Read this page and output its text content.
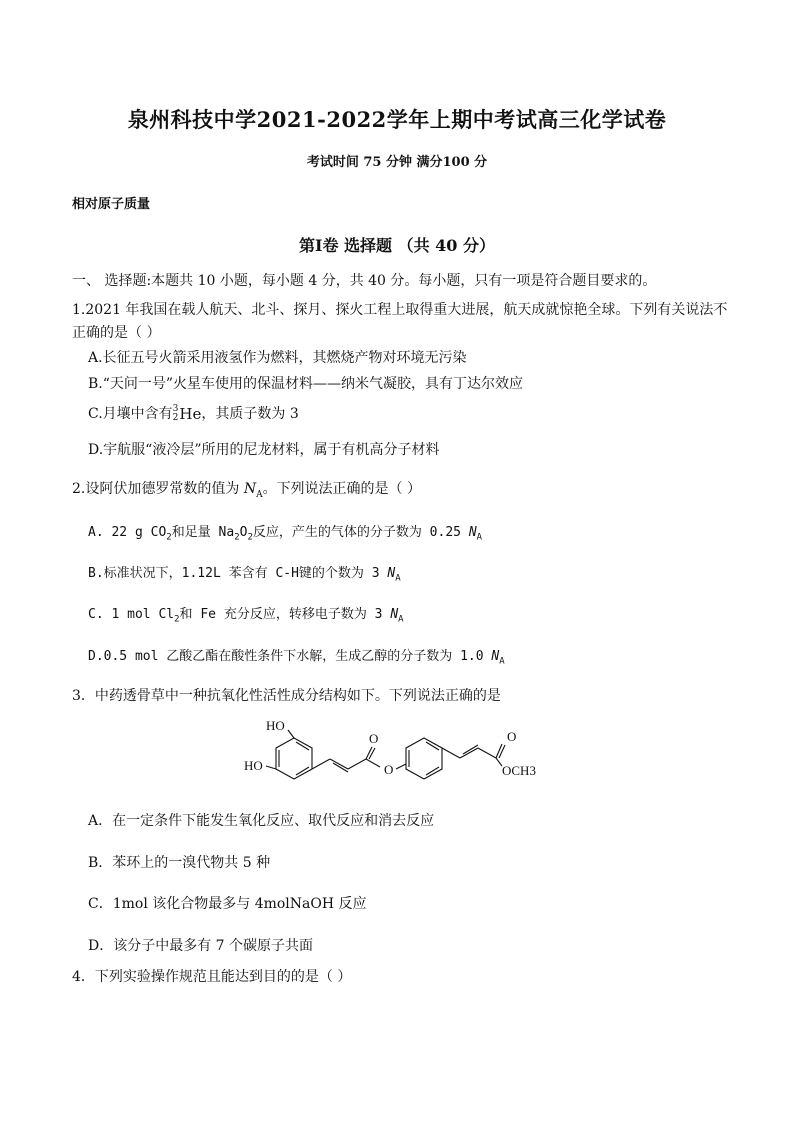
泉州科技中学2021-2022学年上期中考试高三化学试卷
考试时间 75 分钟 满分100 分
相对原子质量
第Ⅰ卷 选择题 （共 40 分）
一、 选择题:本题共 10 小题，每小题 4 分，共 40 分。每小题，只有一项是符合题目要求的。
1.2021 年我国在载人航天、北斗、探月、探火工程上取得重大进展，航天成就惊艳全球。下列有关说法不
正确的是（ ）
A.长征五号火箭采用液氢作为燃料，其燃烧产物对环境无污染
B.“天问一号”火星车使用的保温材料——纳米气凝胶，具有丁达尔效应
C.月壤中含有 3
2 He ，其质子数为 3
D.宇航服“液冷层”所用的尼龙材料，属于有机高分子材料
2.设阿伏加德罗常数的值为 $N_A$。下列说法正确的是（ ）
A. 22 g $CO_2$和足量 $Na_2O_2$反应，产生的气体的分子数为 0.25 $N_A$
B.标准状况下，1.12L 苯含有 C-H键的个数为 3 $N_A$
C. 1 mol $Cl_2$和 Fe 充分反应，转移电子数为 3 $N_A$
D.0.5 mol 乙酸乙酯在酸性条件下水解，生成乙醇的分子数为 1.0 $N_A$
3．中药透骨草中一种抗氧化性活性成分结构如下。下列说法正确的是
HO
HO
O
O
O
OCH3
A．在一定条件下能发生氧化反应、取代反应和消去反应
B．苯环上的一溴代物共 5 种
C．1mol 该化合物最多与 4molNaOH 反应
D．该分子中最多有 7 个碳原子共面
4．下列实验操作规范且能达到目的的是（ ）
